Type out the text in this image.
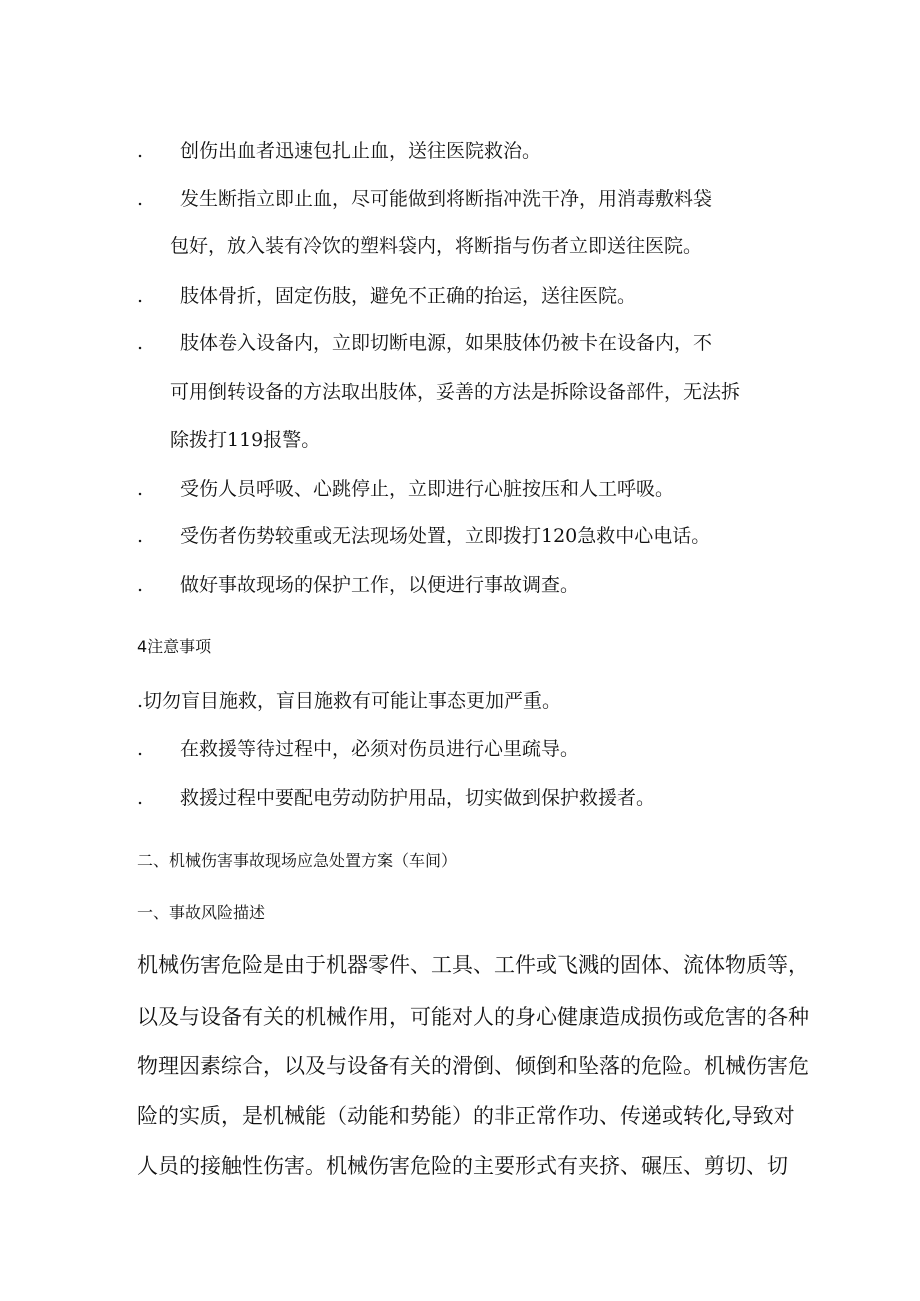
. 创伤出血者迅速包扎止血，送往医院救治。
. 发生断指立即止血，尽可能做到将断指冲洗干净，用消毒敷料袋
包好，放入装有冷饮的塑料袋内，将断指与伤者立即送往医院。
. 肢体骨折，固定伤肢，避免不正确的抬运，送往医院。
. 肢体卷入设备内，立即切断电源，如果肢体仍被卡在设备内，不
可用倒转设备的方法取出肢体，妥善的方法是拆除设备部件，无法拆
除拨打119报警。
. 受伤人员呼吸、心跳停止，立即进行心脏按压和人工呼吸。
. 受伤者伤势较重或无法现场处置，立即拨打120急救中心电话。
. 做好事故现场的保护工作，以便进行事故调查。
4注意事项
.切勿盲目施救，盲目施救有可能让事态更加严重。
. 在救援等待过程中，必须对伤员进行心里疏导。
. 救援过程中要配电劳动防护用品，切实做到保护救援者。
二、机械伤害事故现场应急处置方案（车间）
一、事故风险描述
机械伤害危险是由于机器零件、工具、工件或飞溅的固体、流体物质等，
以及与设备有关的机械作用，可能对人的身心健康造成损伤或危害的各种
物理因素综合，以及与设备有关的滑倒、倾倒和坠落的危险。机械伤害危
险的实质，是机械能（动能和势能）的非正常作功、传递或转化,导致对
人员的接触性伤害。机械伤害危险的主要形式有夹挤、碾压、剪切、切
